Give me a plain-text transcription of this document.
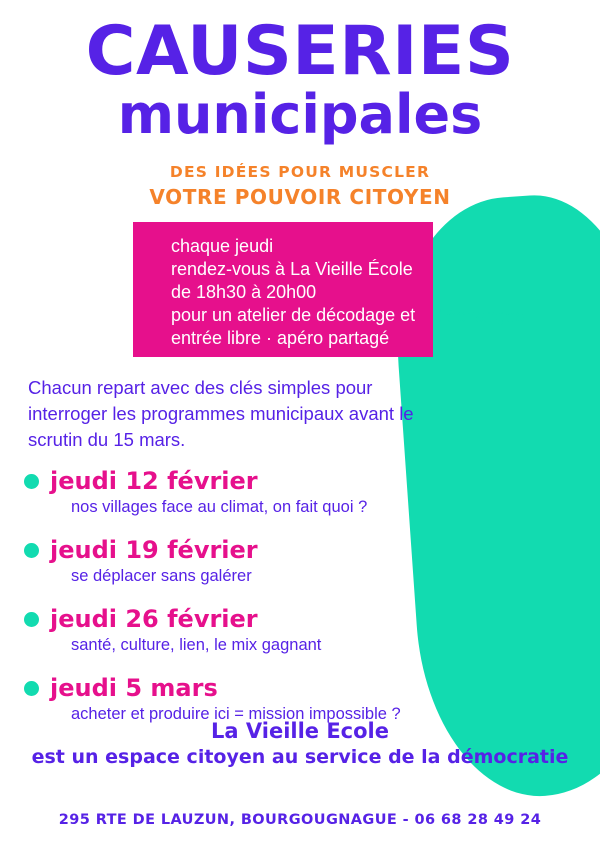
CAUSERIES
municipales
DES IDÉES POUR MUSCLER
VOTRE POUVOIR CITOYEN
chaque jeudi
rendez-vous à La Vieille École
de 18h30 à 20h00
pour un atelier de décodage et
entrée libre · apéro partagé
d'échanges
Chacun repart avec des clés simples pour interroger les programmes municipaux avant le scrutin du 15 mars.
jeudi 12 février
nos villages face au climat, on fait quoi ?
jeudi 19 février
se déplacer sans galérer
jeudi 26 février
santé, culture, lien, le mix gagnant
jeudi 5 mars
acheter et produire ici = mission impossible ?
La Vieille Ecole
est un espace citoyen au service de la démocratie
295 RTE DE LAUZUN, BOURGOUGNAGUE - 06 68 28 49 24
